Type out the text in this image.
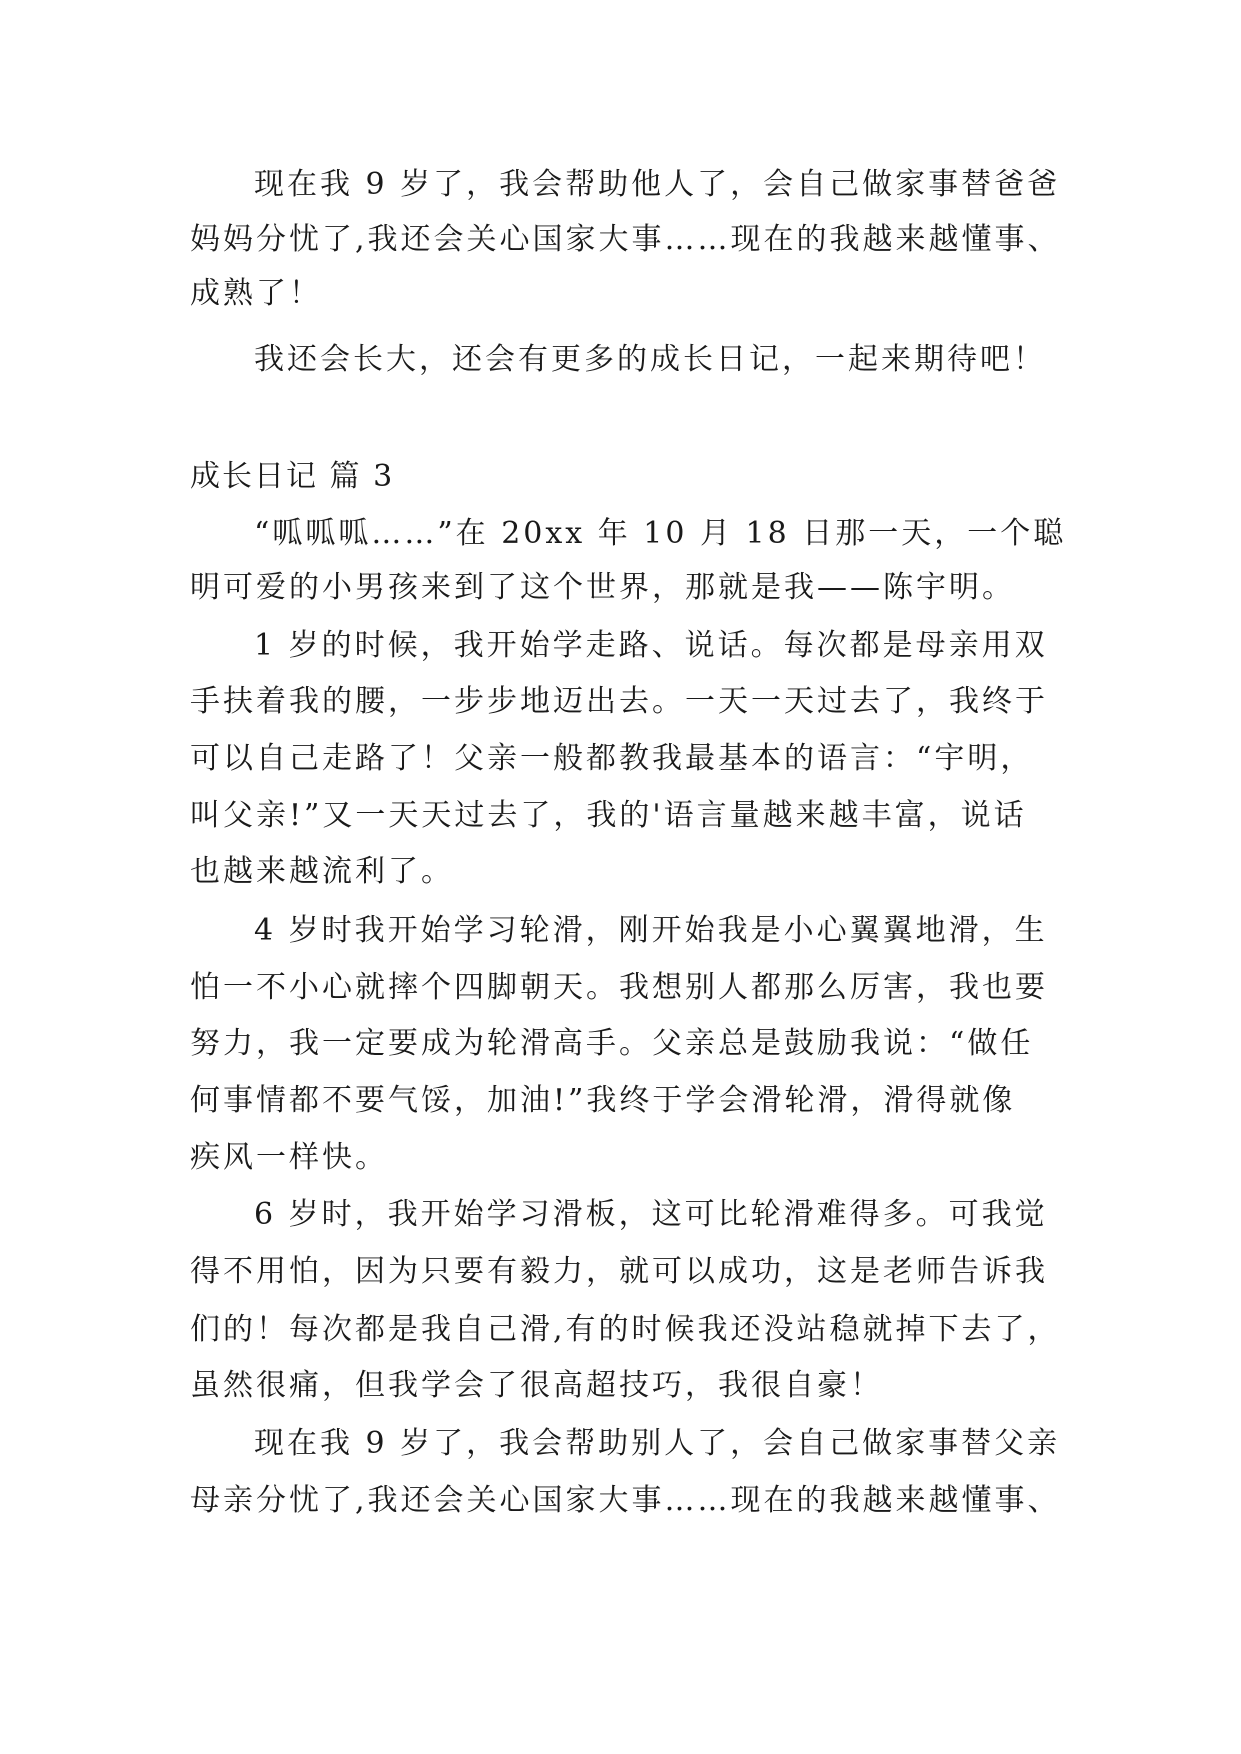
现在我 9 岁了，我会帮助他人了，会自己做家事替爸爸
妈妈分忧了,我还会关心国家大事……现在的我越来越懂事、
成熟了！
我还会长大，还会有更多的成长日记，一起来期待吧！
成长日记 篇 3
“呱呱呱……”在 20xx 年 10 月 18 日那一天，一个聪
明可爱的小男孩来到了这个世界，那就是我——陈宇明。
1 岁的时候，我开始学走路、说话。每次都是母亲用双
手扶着我的腰，一步步地迈出去。一天一天过去了，我终于
可以自己走路了！父亲一般都教我最基本的语言：“宇明，
叫父亲!”又一天天过去了，我的'语言量越来越丰富，说话
也越来越流利了。
4 岁时我开始学习轮滑，刚开始我是小心翼翼地滑，生
怕一不小心就摔个四脚朝天。我想别人都那么厉害，我也要
努力，我一定要成为轮滑高手。父亲总是鼓励我说：“做任
何事情都不要气馁，加油!”我终于学会滑轮滑，滑得就像
疾风一样快。
6 岁时，我开始学习滑板，这可比轮滑难得多。可我觉
得不用怕，因为只要有毅力，就可以成功，这是老师告诉我
们的！每次都是我自己滑,有的时候我还没站稳就掉下去了，
虽然很痛，但我学会了很高超技巧，我很自豪！
现在我 9 岁了，我会帮助别人了，会自己做家事替父亲
母亲分忧了,我还会关心国家大事……现在的我越来越懂事、
